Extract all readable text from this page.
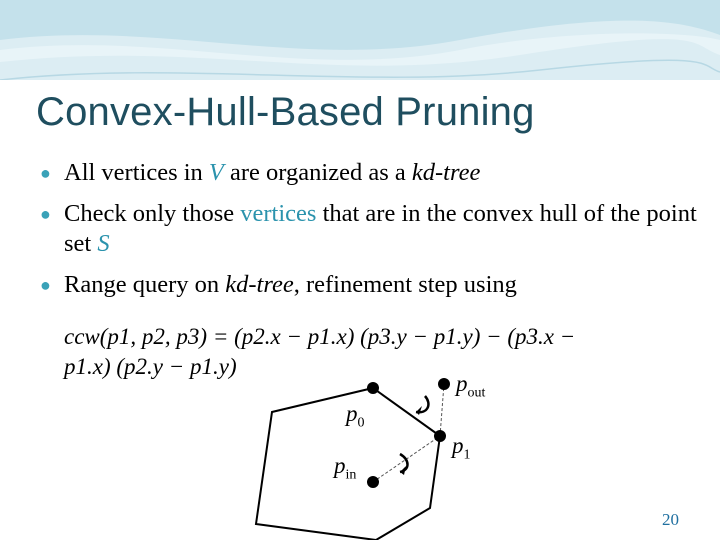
Convex-Hull-Based Pruning
● All vertices in V are organized as a kd-tree
● Check only those vertices that are in the convex hull of the point set S
● Range query on kd-tree, refinement step using
ccw(p1, p2, p3) = (p2.x − p1.x) (p3.y − p1.y) − (p3.x −
p1.x) (p2.y − p1.y)
$p_0$
$p_1$
$p_{in}$
$p_{out}$
20
